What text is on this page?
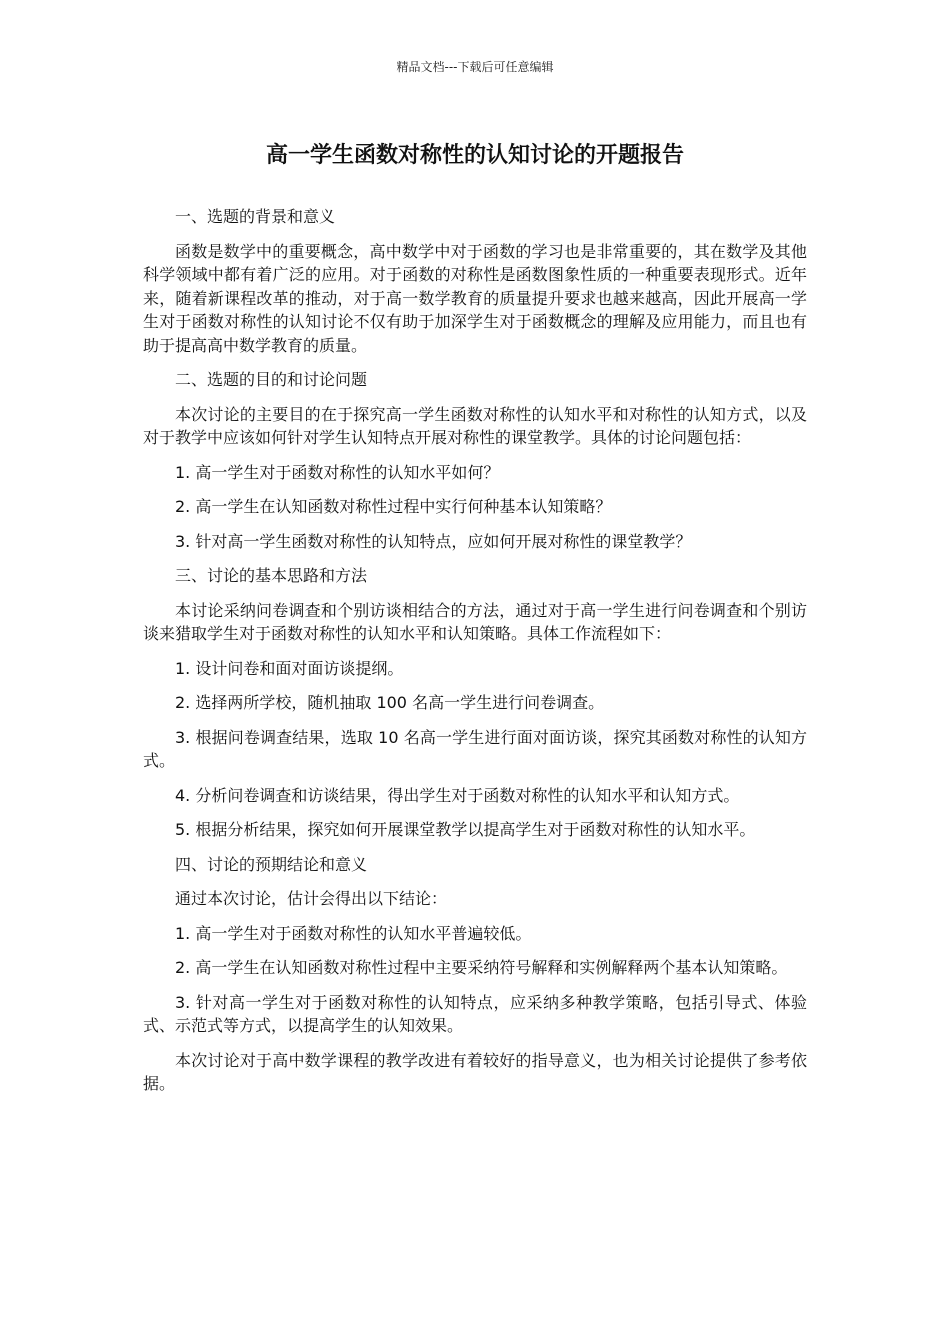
精品文档---下载后可任意编辑
高一学生函数对称性的认知讨论的开题报告
一、选题的背景和意义
函数是数学中的重要概念，高中数学中对于函数的学习也是非常重要的，其在数学及其他科学领域中都有着广泛的应用。对于函数的对称性是函数图象性质的一种重要表现形式。近年来，随着新课程改革的推动，对于高一数学教育的质量提升要求也越来越高，因此开展高一学生对于函数对称性的认知讨论不仅有助于加深学生对于函数概念的理解及应用能力，而且也有助于提高高中数学教育的质量。
二、选题的目的和讨论问题
本次讨论的主要目的在于探究高一学生函数对称性的认知水平和对称性的认知方式，以及对于教学中应该如何针对学生认知特点开展对称性的课堂教学。具体的讨论问题包括：
1. 高一学生对于函数对称性的认知水平如何？
2. 高一学生在认知函数对称性过程中实行何种基本认知策略？
3. 针对高一学生函数对称性的认知特点，应如何开展对称性的课堂教学？
三、讨论的基本思路和方法
本讨论采纳问卷调查和个别访谈相结合的方法，通过对于高一学生进行问卷调查和个别访谈来猎取学生对于函数对称性的认知水平和认知策略。具体工作流程如下：
1. 设计问卷和面对面访谈提纲。
2. 选择两所学校，随机抽取 100 名高一学生进行问卷调查。
3. 根据问卷调查结果，选取 10 名高一学生进行面对面访谈，探究其函数对称性的认知方式。
4. 分析问卷调查和访谈结果，得出学生对于函数对称性的认知水平和认知方式。
5. 根据分析结果，探究如何开展课堂教学以提高学生对于函数对称性的认知水平。
四、讨论的预期结论和意义
通过本次讨论，估计会得出以下结论：
1. 高一学生对于函数对称性的认知水平普遍较低。
2. 高一学生在认知函数对称性过程中主要采纳符号解释和实例解释两个基本认知策略。
3. 针对高一学生对于函数对称性的认知特点，应采纳多种教学策略，包括引导式、体验式、示范式等方式，以提高学生的认知效果。
本次讨论对于高中数学课程的教学改进有着较好的指导意义，也为相关讨论提供了参考依据。
